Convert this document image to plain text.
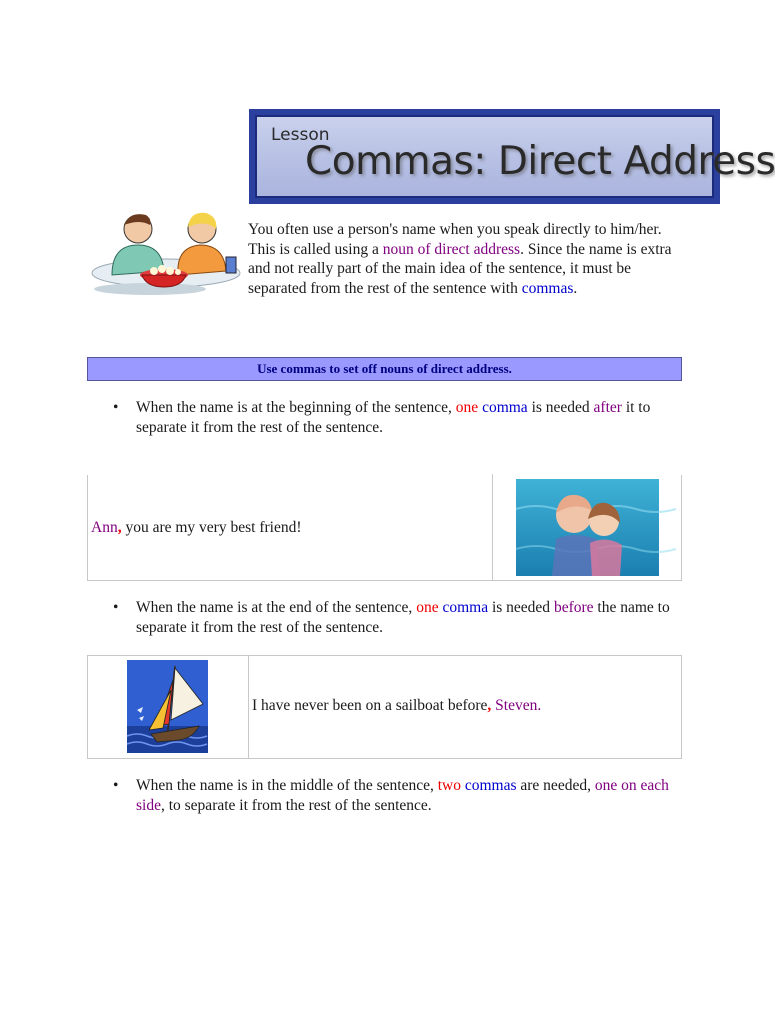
Lesson
Commas: Direct Address
You often use a person's name when you speak directly to him/her. This is called using a noun of direct address. Since the name is extra and not really part of the main idea of the sentence, it must be separated from the rest of the sentence with commas.
Use commas to set off nouns of direct address.
• When the name is at the beginning of the sentence, one comma is needed after it to separate it from the rest of the sentence.
Ann, you are my very best friend!
• When the name is at the end of the sentence, one comma is needed before the name to separate it from the rest of the sentence.
I have never been on a sailboat before, Steven.
• When the name is in the middle of the sentence, two commas are needed, one on each side, to separate it from the rest of the sentence.
